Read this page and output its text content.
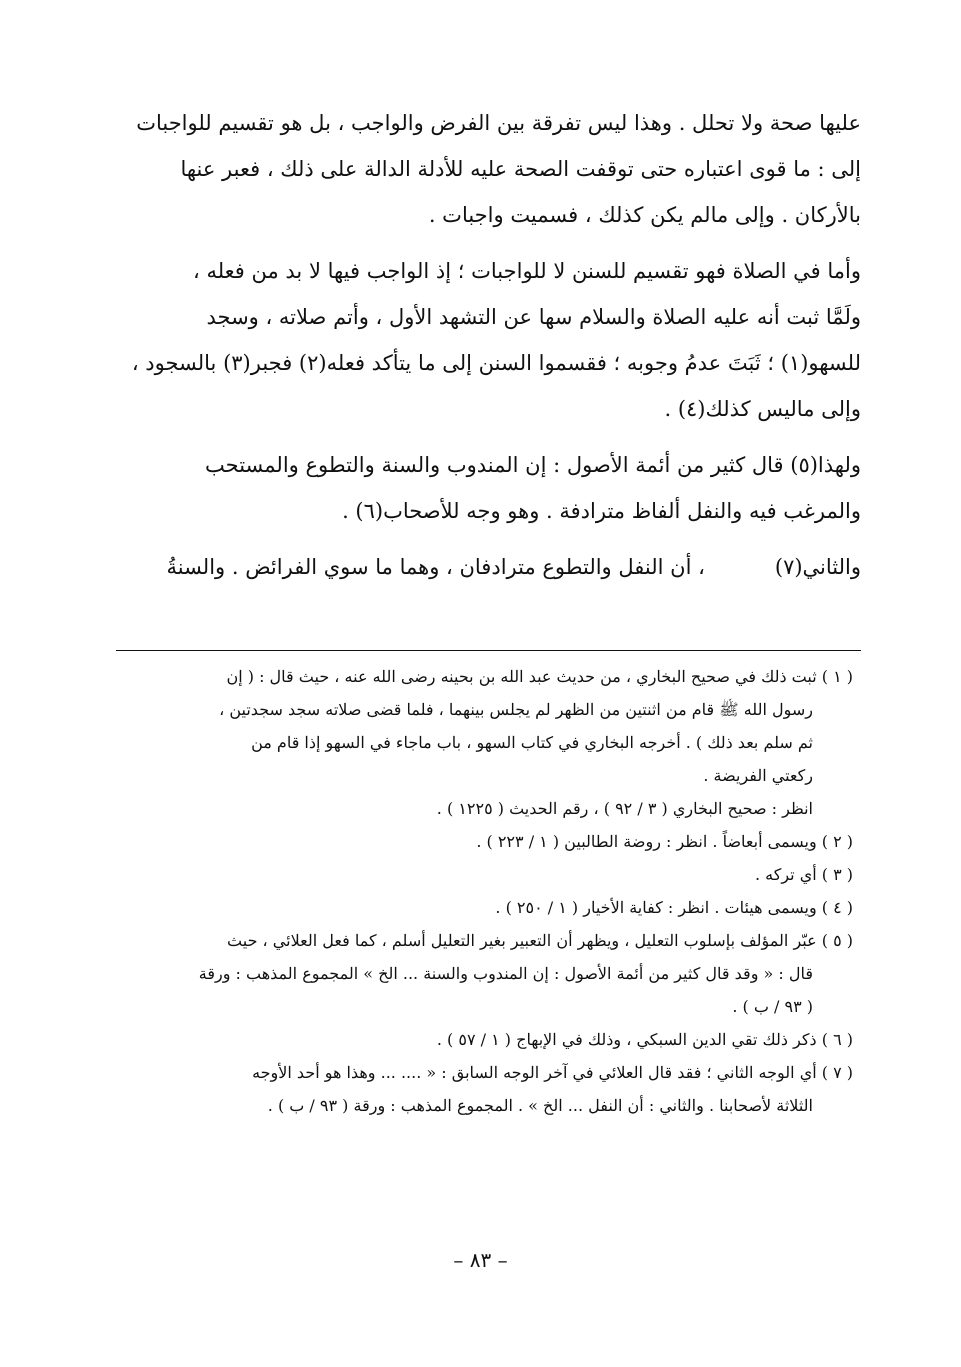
عليها صحة ولا تحلل . وهذا ليس تفرقة بين الفرض والواجب ، بل هو تقسيم للواجبات
إلى : ما قوى اعتباره حتى توقفت الصحة عليه للأدلة الدالة على ذلك ، فعبر عنها
بالأركان . وإلى مالم يكن كذلك ، فسميت واجبات .

وأما في الصلاة فهو تقسيم للسنن لا للواجبات ؛ إذ الواجب فيها لا بد من فعله ،
ولَمَّا ثبت أنه عليه الصلاة والسلام سها عن التشهد الأول ، وأتم صلاته ، وسجد
للسهو(١) ؛ ثَبَتَ عدمُ وجوبه ؛ فقسموا السنن إلى ما يتأكد فعله(٢) فجبر(٣) بالسجود ،
وإلى ماليس كذلك(٤) .

ولهذا(٥) قال كثير من أئمة الأصول : إن المندوب والسنة والتطوع والمستحب
والمرغب فيه والنفل ألفاظ مترادفة . وهو وجه للأصحاب(٦) .

والثاني(٧)، أن النفل والتطوع مترادفان ، وهما ما سوي الفرائض . والسنةُ

( ١ ) ثبت ذلك في صحيح البخاري ، من حديث عبد الله بن بحينه رضى الله عنه ، حيث قال : ( إن
رسول الله ﷺ قام من اثنتين من الظهر لم يجلس بينهما ، فلما قضى صلاته سجد سجدتين ،
ثم سلم بعد ذلك ) . أخرجه البخاري في كتاب السهو ، باب ماجاء في السهو إذا قام من
ركعتي الفريضة .
انظر : صحيح البخاري ( ٣ / ٩٢ ) ، رقم الحديث ( ١٢٢٥ ) .

( ٢ ) ويسمى أبعاضاً . انظر : روضة الطالبين ( ١ / ٢٢٣ ) .

( ٣ ) أي تركه .

( ٤ ) ويسمى هيئات . انظر : كفاية الأخيار ( ١ / ٢٥٠ ) .

( ٥ ) عبّر المؤلف بإسلوب التعليل ، ويظهر أن التعبير بغير التعليل أسلم ، كما فعل العلائي ، حيث
قال : « وقد قال كثير من أئمة الأصول : إن المندوب والسنة ... الخ » المجموع المذهب : ورقة
( ٩٣ / ب ) .

( ٦ ) ذكر ذلك تقي الدين السبكي ، وذلك في الإبهاج ( ١ / ٥٧ ) .

( ٧ ) أي الوجه الثاني ؛ فقد قال العلائي في آخر الوجه السابق : « .... ... وهذا هو أحد الأوجه
الثلاثة لأصحابنا . والثاني : أن النفل ... الخ » . المجموع المذهب : ورقة ( ٩٣ / ب ) .

– ٨٣ –
